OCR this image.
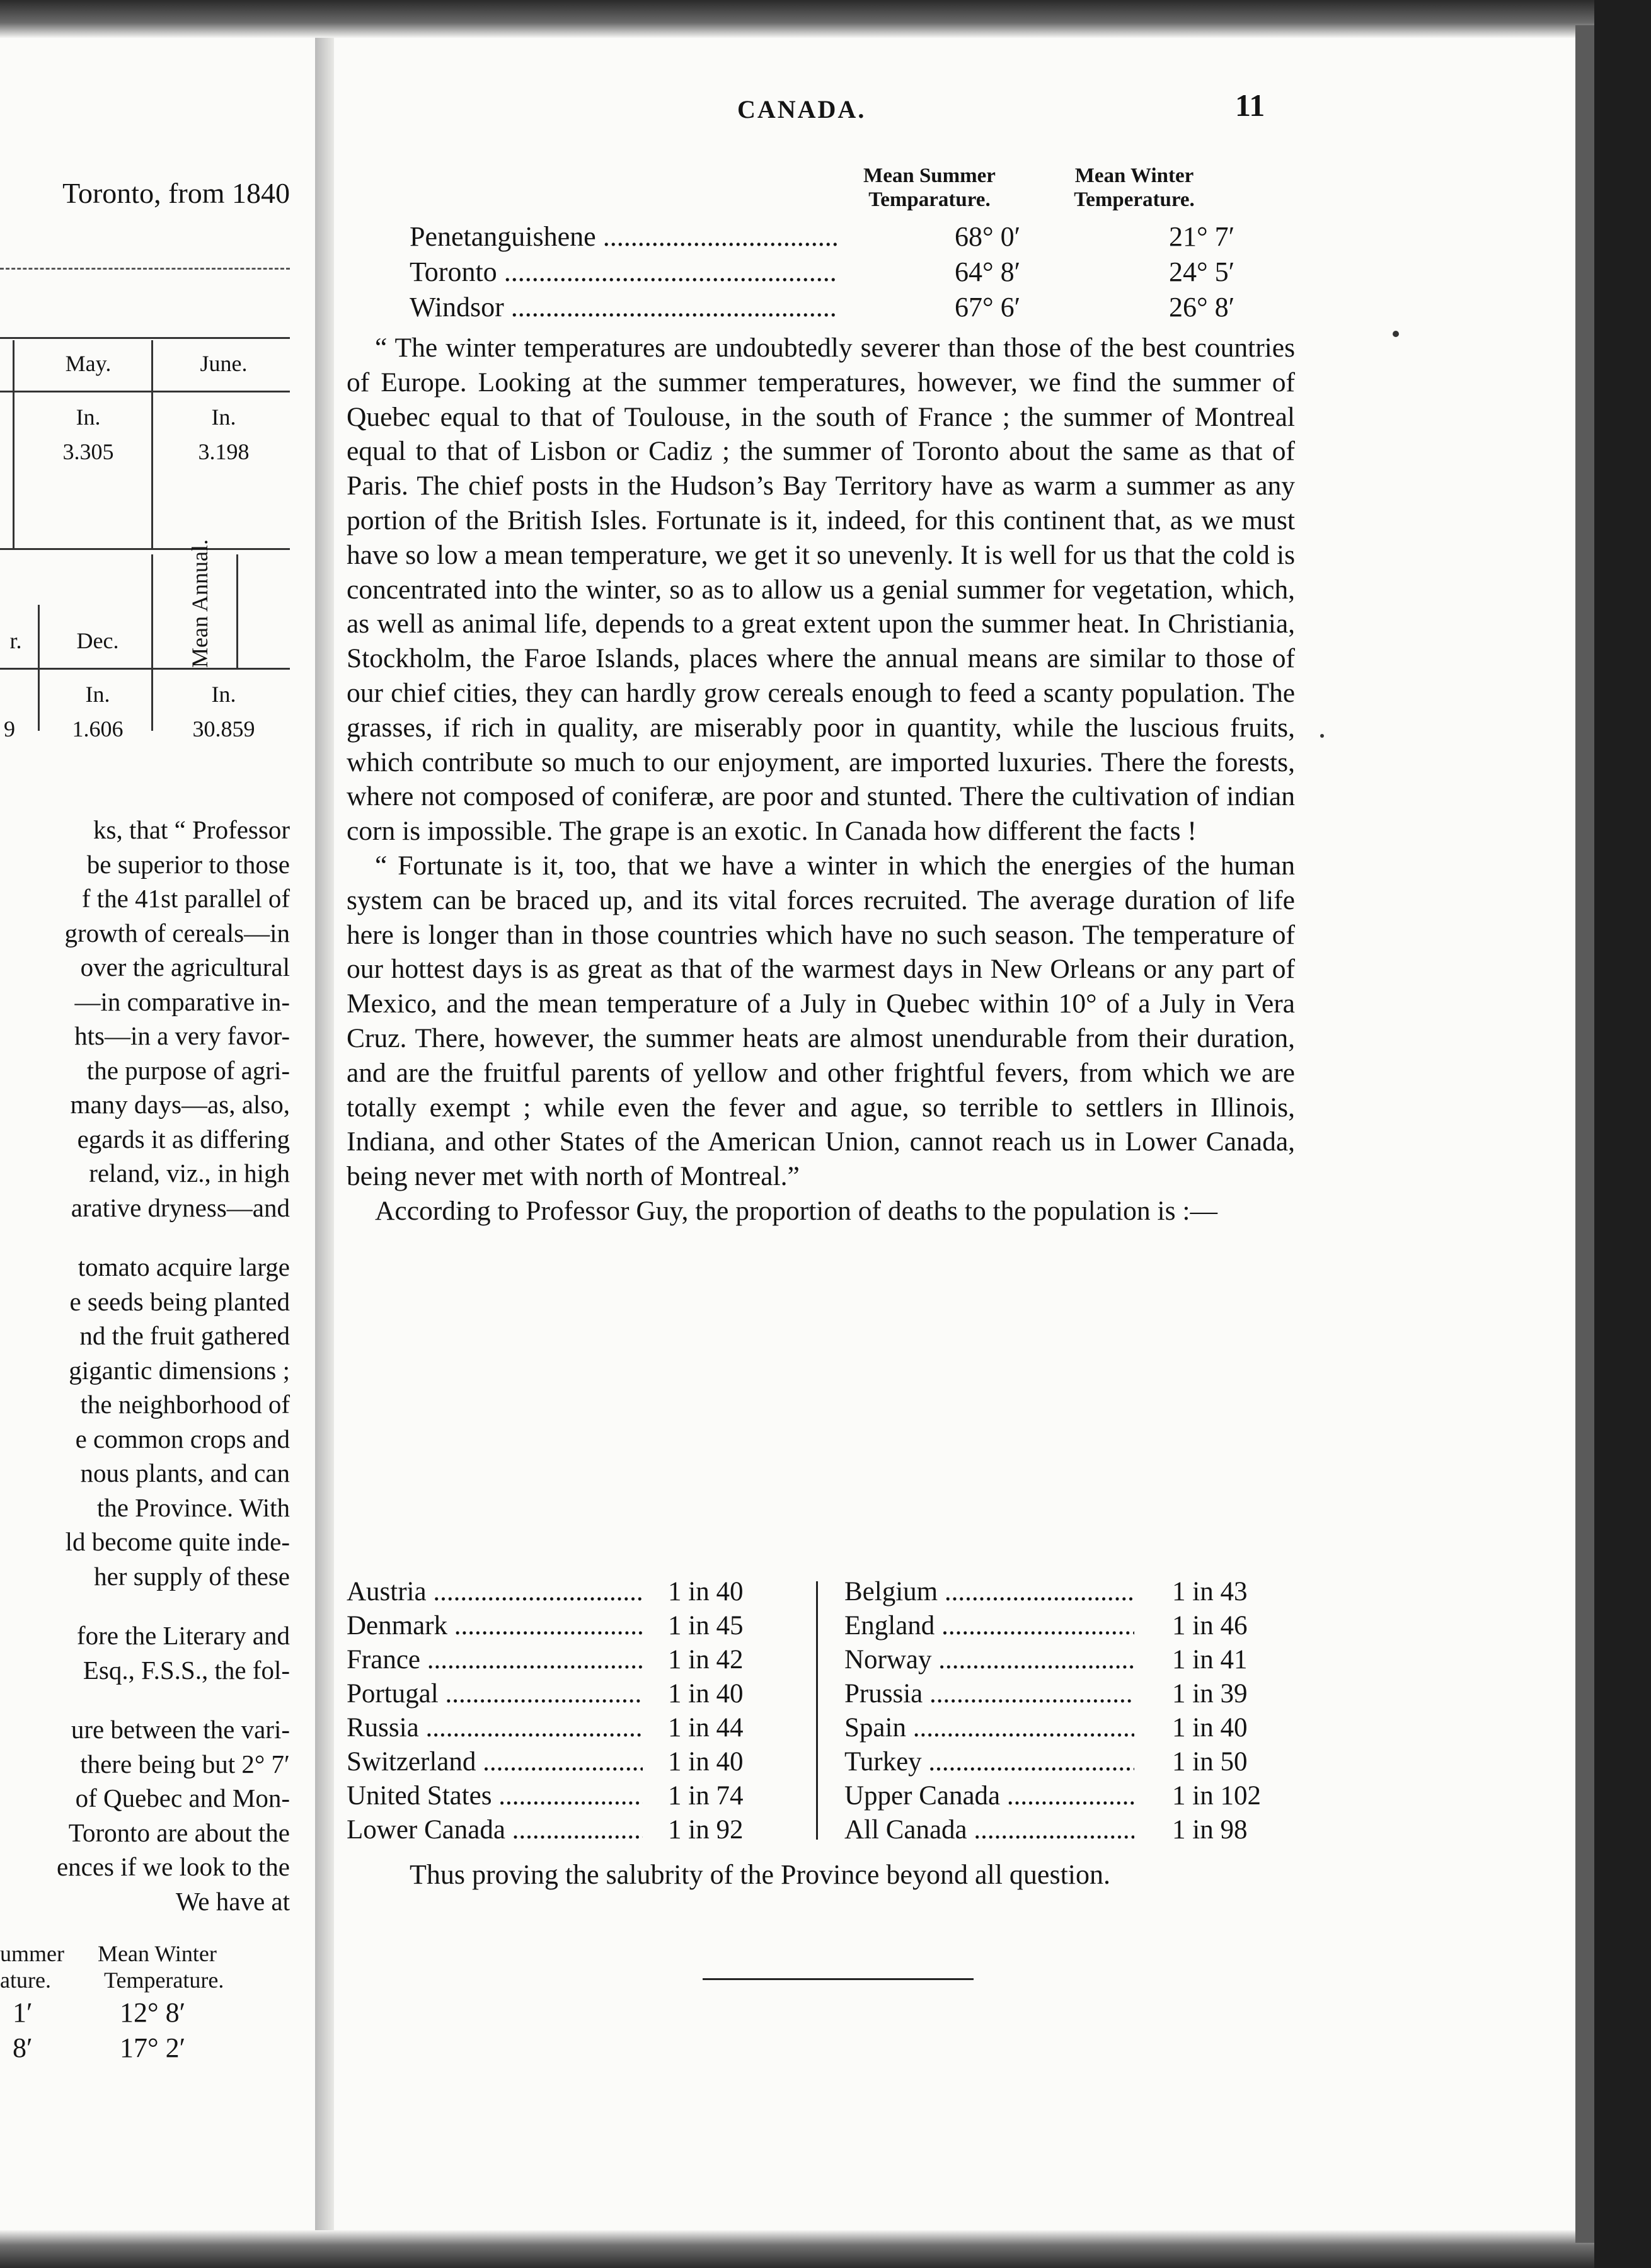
Toronto, from 1840
May.	June.
In.	In.
3.305	3.198
r.	Dec.	Mean Annual.
In.	In.
9	1.606	30.859
ks, that “ Professor
be superior to those
f the 41st parallel of
growth of cereals—in
over the agricultural
—in comparative in-
hts—in a very favor-
the purpose of agri-
many days—as, also,
egards it as differing
reland, viz., in high
arative dryness—and
tomato acquire large
e seeds being planted
nd the fruit gathered
gigantic dimensions ;
the neighborhood of
e common crops and
nous plants, and can
the Province. With
ld become quite inde-
her supply of these
fore the Literary and
Esq., F.S.S., the fol-
ure between the vari-
there being but 2° 7′
of Quebec and Mon-
Toronto are about the
ences if we look to the
We have at
ummer Mean Winter
ature. Temperature.
1′	12° 8′
8′	17° 2′
CANADA.	11
Mean Summer
Temparature.
Mean Winter
Temperature.
Penetanguishene .....	68° 0′	21° 7′
Toronto .....	64° 8′	24° 5′
Windsor .....	67° 6′	26° 8′

“ The winter temperatures are undoubtedly severer than those of the best countries of Europe. Looking at the summer temperatures, however, we find the summer of Quebec equal to that of Toulouse, in the south of France ; the summer of Montreal equal to that of Lisbon or Cadiz ; the summer of Toronto about the same as that of Paris. The chief posts in the Hudson’s Bay Territory have as warm a summer as any portion of the British Isles. Fortunate is it, indeed, for this continent that, as we must have so low a mean temperature, we get it so unevenly. It is well for us that the cold is concentrated into the winter, so as to allow us a genial summer for vegetation, which, as well as animal life, depends to a great extent upon the summer heat. In Christiania, Stockholm, the Faroe Islands, places where the annual means are similar to those of our chief cities, they can hardly grow cereals enough to feed a scanty population. The grasses, if rich in quality, are miserably poor in quantity, while the luscious fruits, which contribute so much to our enjoyment, are imported luxuries. There the forests, where not composed of coniferæ, are poor and stunted. There the cultivation of indian corn is impossible. The grape is an exotic. In Canada how different the facts !

“ Fortunate is it, too, that we have a winter in which the energies of the human system can be braced up, and its vital forces recruited. The average duration of life here is longer than in those countries which have no such season. The temperature of our hottest days is as great as that of the warmest days in New Orleans or any part of Mexico, and the mean temperature of a July in Quebec within 10° of a July in Vera Cruz. There, however, the summer heats are almost unendurable from their duration, and are the fruitful parents of yellow and other frightful fevers, from which we are totally exempt ; while even the fever and ague, so terrible to settlers in Illinois, Indiana, and other States of the American Union, cannot reach us in Lower Canada, being never met with north of Montreal.”

According to Professor Guy, the proportion of deaths to the population is :—

Austria .....	1 in 40
Denmark .....	1 in 45
France .....	1 in 42
Portugal .....	1 in 40
Russia .....	1 in 44
Switzerland .....	1 in 40
United States .....	1 in 74
Lower Canada .....	1 in 92
Belgium .....	1 in 43
England .....	1 in 46
Norway .....	1 in 41
Prussia .....	1 in 39
Spain .....	1 in 40
Turkey .....	1 in 50
Upper Canada .....	1 in 102
All Canada .....	1 in 98
Thus proving the salubrity of the Province beyond all question.
